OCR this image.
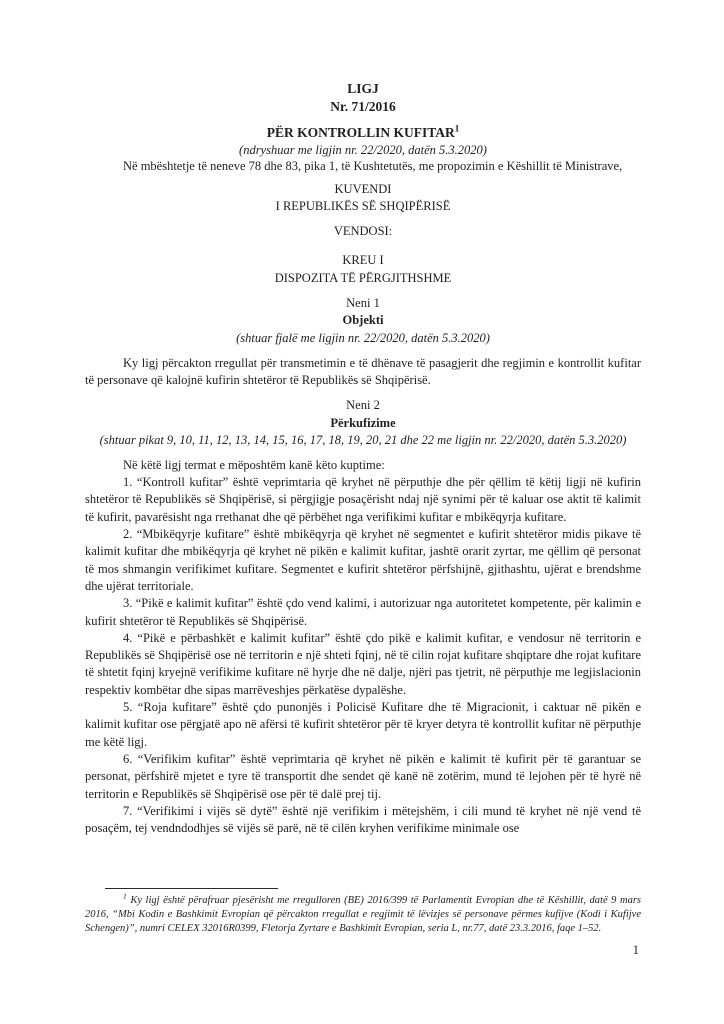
LIGJ
Nr. 71/2016
PËR KONTROLLIN KUFITAR$^1$
(ndryshuar me ligjin nr. 22/2020, datën 5.3.2020)

Në mbështetje të neneve 78 dhe 83, pika 1, të Kushtetutës, me propozimin e Këshillit të Ministrave,

KUVENDI
I REPUBLIKËS SË SHQIPËRISË
VENDOSI:
KREU I
DISPOZITA TË PËRGJITHSHME
Neni 1
Objekti
(shtuar fjalë me ligjin nr. 22/2020, datën 5.3.2020)

Ky ligj përcakton rregullat për transmetimin e të dhënave të pasagjerit dhe regjimin e kontrollit kufitar të personave që kalojnë kufirin shtetëror të Republikës së Shqipërisë.

Neni 2
Përkufizime
(shtuar pikat 9, 10, 11, 12, 13, 14, 15, 16, 17, 18, 19, 20, 21 dhe 22 me ligjin nr. 22/2020, datën 5.3.2020)

Në këtë ligj termat e mëposhtëm kanë këto kuptime:

1. “Kontroll kufitar” është veprimtaria që kryhet në përputhje dhe për qëllim të këtij ligji në kufirin shtetëror të Republikës së Shqipërisë, si përgjigje posaçërisht ndaj një synimi për të kaluar ose aktit të kalimit të kufirit, pavarësisht nga rrethanat dhe që përbëhet nga verifikimi kufitar e mbikëqyrja kufitare.

2. “Mbikëqyrje kufitare” është mbikëqyrja që kryhet në segmentet e kufirit shtetëror midis pikave të kalimit kufitar dhe mbikëqyrja që kryhet në pikën e kalimit kufitar, jashtë orarit zyrtar, me qëllim që personat të mos shmangin verifikimet kufitare. Segmentet e kufirit shtetëror përfshijnë, gjithashtu, ujërat e brendshme dhe ujërat territoriale.

3. “Pikë e kalimit kufitar” është çdo vend kalimi, i autorizuar nga autoritetet kompetente, për kalimin e kufirit shtetëror të Republikës së Shqipërisë.

4. “Pikë e përbashkët e kalimit kufitar” është çdo pikë e kalimit kufitar, e vendosur në territorin e Republikës së Shqipërisë ose në territorin e një shteti fqinj, në të cilin rojat kufitare shqiptare dhe rojat kufitare të shtetit fqinj kryejnë verifikime kufitare në hyrje dhe në dalje, njëri pas tjetrit, në përputhje me legjislacionin respektiv kombëtar dhe sipas marrëveshjes përkatëse dypalëshe.

5. “Roja kufitare” është çdo punonjës i Policisë Kufitare dhe të Migracionit, i caktuar në pikën e kalimit kufitar ose përgjatë apo në afërsi të kufirit shtetëror për të kryer detyra të kontrollit kufitar në përputhje me këtë ligj.

6. “Verifikim kufitar” është veprimtaria që kryhet në pikën e kalimit të kufirit për të garantuar se personat, përfshirë mjetet e tyre të transportit dhe sendet që kanë në zotërim, mund të lejohen për të hyrë në territorin e Republikës së Shqipërisë ose për të dalë prej tij.

7. “Verifikimi i vijës së dytë” është një verifikim i mëtejshëm, i cili mund të kryhet në një vend të posaçëm, tej vendndodhjes së vijës së parë, në të cilën kryhen verifikime minimale ose

$^1$ Ky ligj është përafruar pjesërisht me rregulloren (BE) 2016/399 të Parlamentit Evropian dhe të Këshillit, datë 9 mars 2016, “Mbi Kodin e Bashkimit Evropian që përcakton rregullat e regjimit të lëvizjes së personave përmes kufijve (Kodi i Kufijve Schengen)”, numri CELEX 32016R0399, Fletorja Zyrtare e Bashkimit Evropian, seria L, nr.77, datë 23.3.2016, faqe 1–52.

1
